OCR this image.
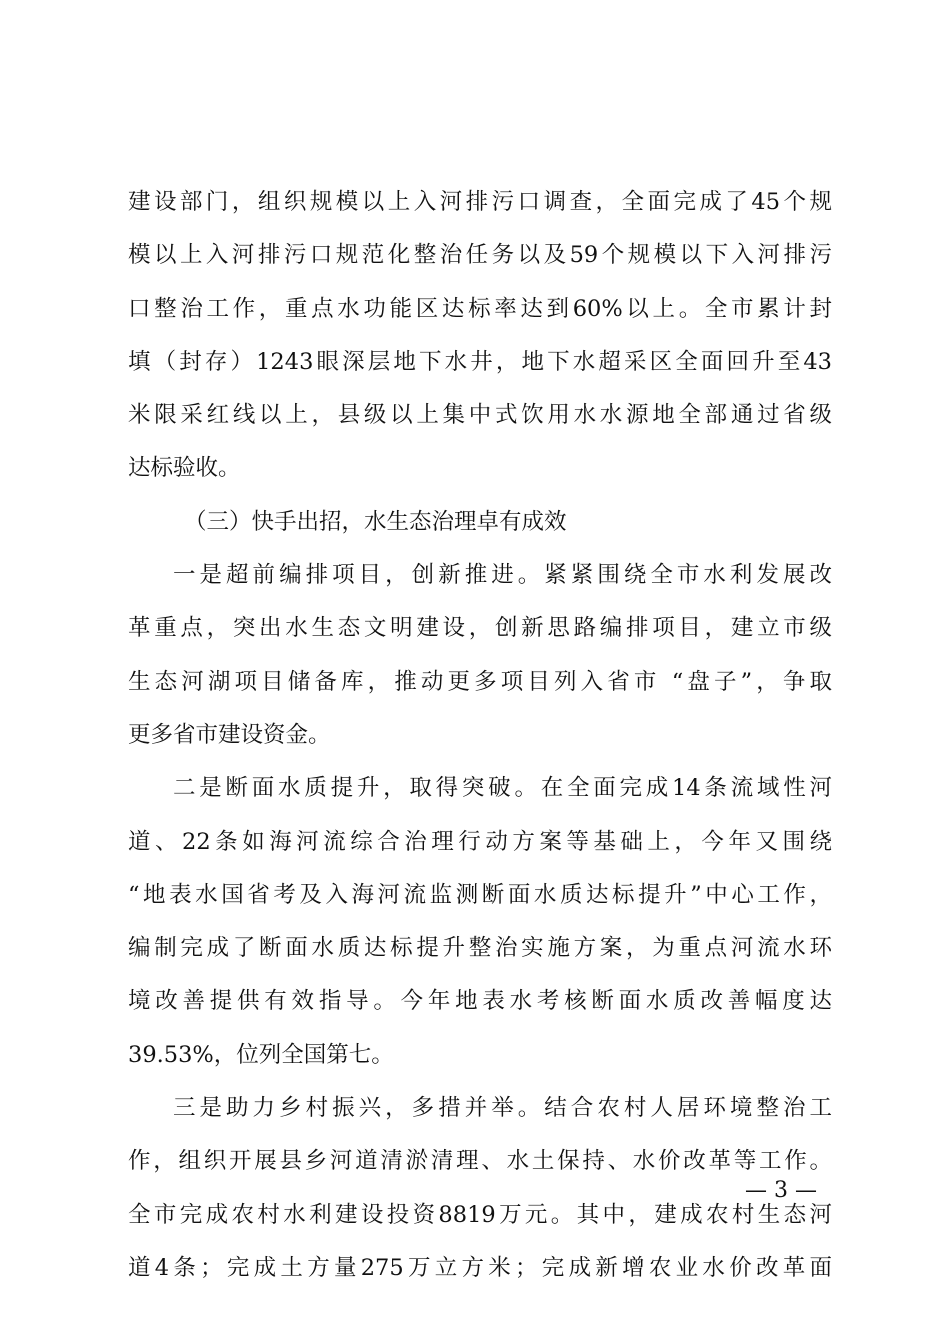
建设部门，组织规模以上入河排污口调查，全面完成了45个规
模以上入河排污口规范化整治任务以及59个规模以下入河排污
口整治工作，重点水功能区达标率达到60%以上。全市累计封
填（封存）1243眼深层地下水井，地下水超采区全面回升至43
米限采红线以上，县级以上集中式饮用水水源地全部通过省级
达标验收。
（三）快手出招，水生态治理卓有成效
一是超前编排项目，创新推进。紧紧围绕全市水利发展改
革重点，突出水生态文明建设，创新思路编排项目，建立市级
生态河湖项目储备库，推动更多项目列入省市 “盘子”，争取
更多省市建设资金。
二是断面水质提升，取得突破。在全面完成14条流域性河
道、22条如海河流综合治理行动方案等基础上，今年又围绕
“地表水国省考及入海河流监测断面水质达标提升”中心工作，
编制完成了断面水质达标提升整治实施方案，为重点河流水环
境改善提供有效指导。今年地表水考核断面水质改善幅度达
39.53%，位列全国第七。
三是助力乡村振兴，多措并举。结合农村人居环境整治工
作，组织开展县乡河道清淤清理、水土保持、水价改革等工作。
全市完成农村水利建设投资8819万元。其中，建成农村生态河
道4条；完成土方量275万立方米；完成新增农业水价改革面
— 3 —
